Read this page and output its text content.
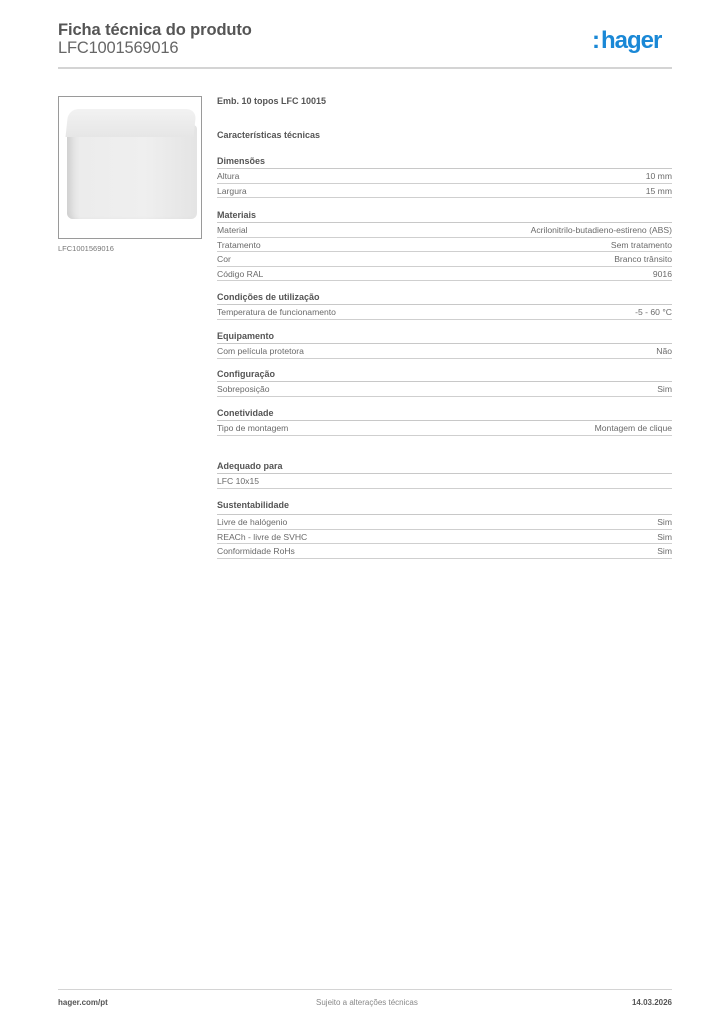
Ficha técnica do produto
LFC1001569016	:hager
LFC1001569016
Emb. 10 topos LFC 10015
Características técnicas
Dimensões
Altura	10 mm
Largura	15 mm
Materiais
Material	Acrilonitrilo-butadieno-estireno (ABS)
Tratamento	Sem tratamento
Cor	Branco trânsito
Código RAL	9016
Condições de utilização
Temperatura de funcionamento	-5 - 60 °C
Equipamento
Com película protetora	Não
Configuração
Sobreposição	Sim
Conetividade
Tipo de montagem	Montagem de clique
Adequado para
LFC 10x15
Sustentabilidade
Livre de halógenio	Sim
REACh - livre de SVHC	Sim
Conformidade RoHs	Sim
hager.com/pt	Sujeito a alterações técnicas	14.03.2026
